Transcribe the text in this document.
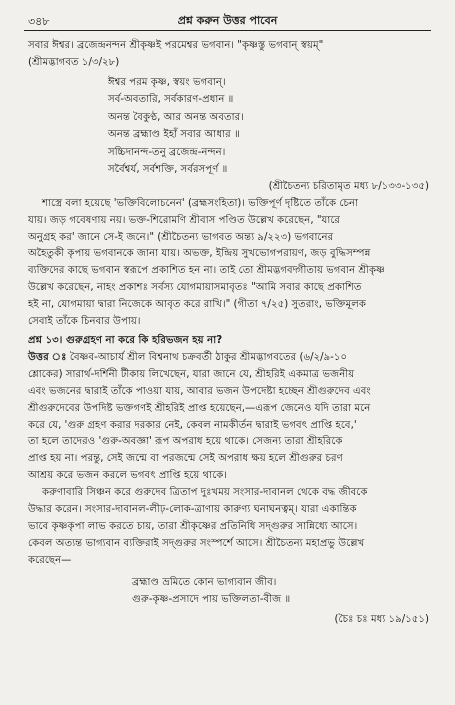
৩৪৮	প্রশ্ন করুন উত্তর পাবেন

সবার ঈশ্বর। ব্রজেন্দ্রনন্দন শ্রীকৃষ্ণই পরমেশ্বর ভগবান। "কৃষ্ণস্তু ভগবান্ স্বয়ম্"

(শ্রীমদ্ভাগবত ১/৩/২৮)

ঈশ্বর পরম কৃষ্ণ, স্বয়ং ভগবান্।

সর্ব-অবতারি, সর্বকারণ-প্রধান ॥

অনন্ত বৈকুণ্ঠ, আর অনন্ত অবতার।

অনন্ত ব্রহ্মাণ্ড ইহাঁ সবার আধার ॥

সচ্চিদানন্দ-তনু ব্রজেন্দ্র-নন্দন।

সর্বৈশ্বর্য, সর্বশক্তি, সর্বরসপূর্ণ ॥

(শ্রীচৈতন্য চরিতামৃত মধ্য ৮/১৩৩-১৩৫)

শাস্ত্রে বলা হয়েছে 'ভক্তিবিলোচনেন' (ব্রহ্মসংহিতা)। ভক্তিপূর্ণ দৃষ্টিতে তাঁকে চেনা

যায়। জড় গবেষণায় নয়। ভক্ত-শিরোমণি শ্রীবাস পণ্ডিত উল্লেখ করেছেন, "যারে

অনুগ্রহ কর' জানে সে-ই জনে।" (শ্রীচৈতন্য ভাগবত অন্ত্য ৯/২২৩) ভগবানের

অহৈতুকী কৃপায় ভগবানকে জানা যায়। অভক্ত, ইন্দ্রিয় সুখভোগপরায়ণ, জড় বুদ্ধিসম্পন্ন

ব্যক্তিদের কাছে ভগবান স্বরূপে প্রকাশিত হন না। তাই তো শ্রীমদ্ভগবদ্গীতায় ভগবান শ্রীকৃষ্ণ

উল্লেখ করেছেন, নাহং প্রকাশঃ সর্বস্য যোগমায়াসমাবৃতঃ "আমি সবার কাছে প্রকাশিত

হই না, যোগমায়া দ্বারা নিজেকে আবৃত করে রাখি।" (গীতা ৭/২৫) সুতরাং, ভক্তিমূলক

সেবাই তাঁকে চিনবার উপায়।

প্রশ্ন ১৩। গুরুগ্রহণ না করে কি হরিভজন হয় না?

উত্তর ঃ বৈষ্ণব-আচার্য শ্রীল বিশ্বনাথ চক্রবর্তী ঠাকুর শ্রীমদ্ভাগবতের (৬/২/৯-১০

শ্লোকের) সারার্থ-দর্শিনী টীকায় লিখেছেন, যারা জানে যে, শ্রীহরিই একমাত্র ভজনীয়

এবং ভজনের দ্বারাই তাঁকে পাওয়া যায়, আবার ভজন উপদেষ্টা হচ্ছেন শ্রীগুরুদেব এবং

শ্রীগুরুদেবের উপদিষ্ট ভক্তগণই শ্রীহরিই প্রাপ্ত হয়েছেন,—এরূপ জেনেও যদি তারা মনে

করে যে, 'গুরু গ্রহণ করার দরকার নেই, কেবল নামকীর্তন দ্বারাই ভগবৎ প্রাপ্তি হবে,'

তা হলে তাদেরও 'গুরু-অবজ্ঞা' রূপ অপরাধ হয়ে থাকে। সেজন্য তারা শ্রীহরিকে

প্রাপ্ত হয় না। পরন্তু, সেই জন্মে বা পরজন্মে সেই অপরাধ ক্ষয় হলে শ্রীগুরুর চরণ

আশ্রয় করে ভজন করলে ভগবৎ প্রাপ্তি হয়ে থাকে।

করুণাবারি সিঞ্চন করে গুরুদেব ত্রিতাপ দুঃখময় সংসার-দাবানল থেকে বদ্ধ জীবকে

উদ্ধার করেন। সংসার-দাবানল-লীঢ়-লোক-ত্রাণায় কারুণ্য ঘনাঘনত্বম্। যারা একান্তিক

ভাবে কৃষ্ণকৃপা লাভ করতে চায়, তারা শ্রীকৃষ্ণের প্রতিনিধি সদ্গুরুর সান্নিধ্যে আসে।

কেবল অত্যন্ত ভাগ্যবান ব্যক্তিরাই সদ্গুরুর সংস্পর্শে আসে। শ্রীচৈতন্য মহাপ্রভু উল্লেখ

করেছেন—

ব্রহ্মাণ্ড ভ্রমিতে কোন ভাগ্যবান জীব।

গুরু-কৃষ্ণ-প্রসাদে পায় ভক্তিলতা-বীজ ॥

(চৈঃ চঃ মধ্য ১৯/১৫১)
